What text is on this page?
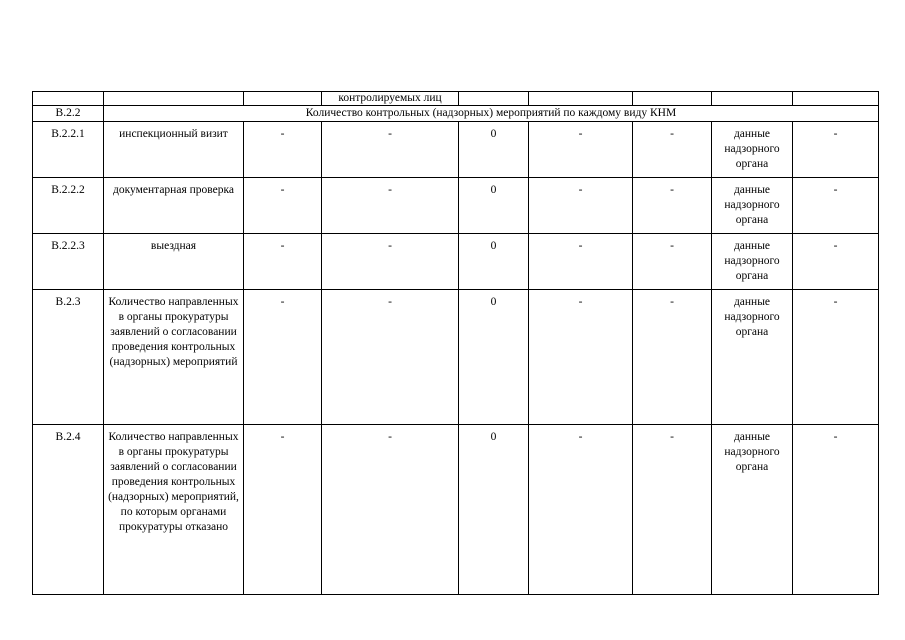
			контролируемых лиц					
B.2.2	Количество контрольных (надзорных) мероприятий по каждому виду КНМ							
B.2.2.1	инспекционный визит	-	-	0	-	-	данные надзорного органа	-
B.2.2.2	документарная проверка	-	-	0	-	-	данные надзорного органа	-
B.2.2.3	выездная	-	-	0	-	-	данные надзорного органа	-
B.2.3	Количество направленных в органы прокуратуры заявлений о согласовании проведения контрольных (надзорных) мероприятий	-	-	0	-	-	данные надзорного органа	-
B.2.4	Количество направленных в органы прокуратуры заявлений о согласовании проведения контрольных (надзорных) мероприятий, по которым органами прокуратуры отказано	-	-	0	-	-	данные надзорного органа	-
